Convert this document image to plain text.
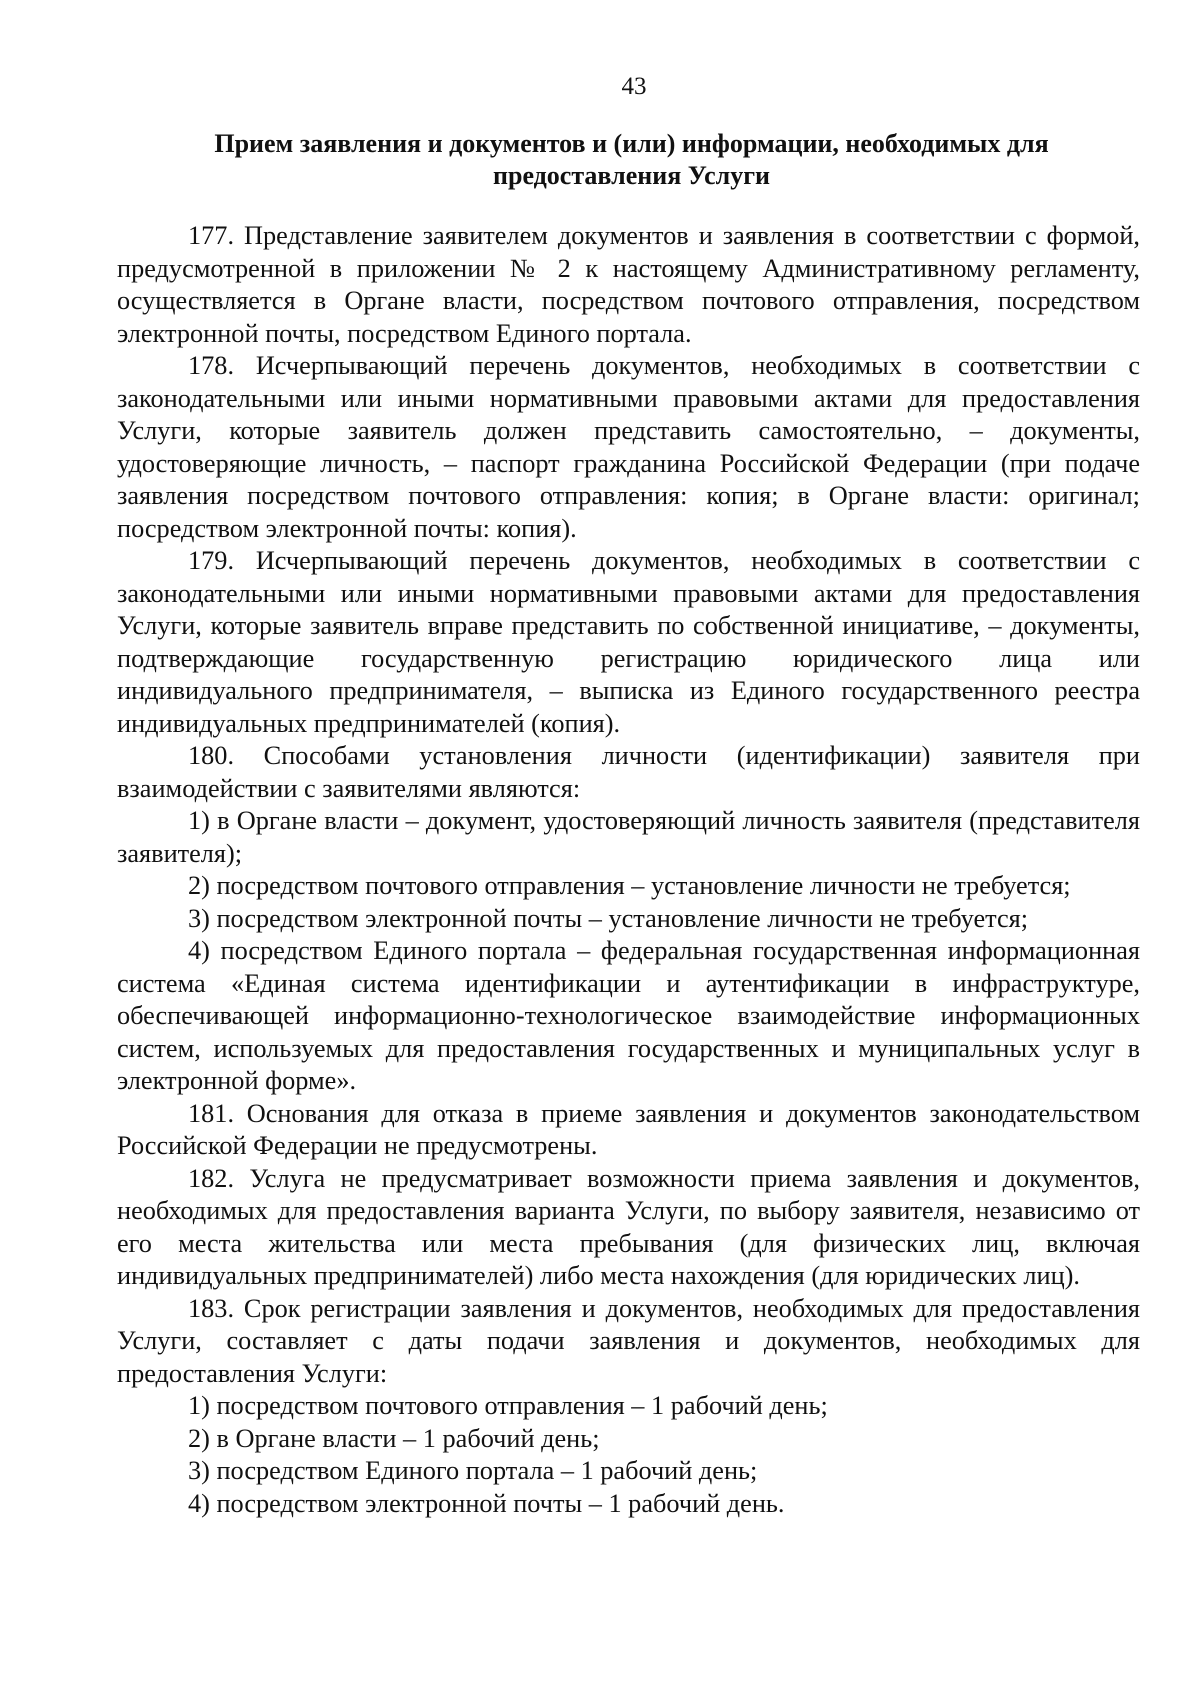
43
Прием заявления и документов и (или) информации, необходимых для предоставления Услуги

177. Представление заявителем документов и заявления в соответствии с формой, предусмотренной в приложении № 2 к настоящему Административному регламенту, осуществляется в Органе власти, посредством почтового отправления, посредством электронной почты, посредством Единого портала.

178. Исчерпывающий перечень документов, необходимых в соответствии с законодательными или иными нормативными правовыми актами для предоставления Услуги, которые заявитель должен представить самостоятельно, – документы, удостоверяющие личность, – паспорт гражданина Российской Федерации (при подаче заявления посредством почтового отправления: копия; в Органе власти: оригинал; посредством электронной почты: копия).

179. Исчерпывающий перечень документов, необходимых в соответствии с законодательными или иными нормативными правовыми актами для предоставления Услуги, которые заявитель вправе представить по собственной инициативе, – документы, подтверждающие государственную регистрацию юридического лица или индивидуального предпринимателя, – выписка из Единого государственного реестра индивидуальных предпринимателей (копия).

180. Способами установления личности (идентификации) заявителя при взаимодействии с заявителями являются:

1) в Органе власти – документ, удостоверяющий личность заявителя (представителя заявителя);

2) посредством почтового отправления – установление личности не требуется;

3) посредством электронной почты – установление личности не требуется;

4) посредством Единого портала – федеральная государственная информационная система «Единая система идентификации и аутентификации в инфраструктуре, обеспечивающей информационно-технологическое взаимодействие информационных систем, используемых для предоставления государственных и муниципальных услуг в электронной форме».

181. Основания для отказа в приеме заявления и документов законодательством Российской Федерации не предусмотрены.

182. Услуга не предусматривает возможности приема заявления и документов, необходимых для предоставления варианта Услуги, по выбору заявителя, независимо от его места жительства или места пребывания (для физических лиц, включая индивидуальных предпринимателей) либо места нахождения (для юридических лиц).

183. Срок регистрации заявления и документов, необходимых для предоставления Услуги, составляет с даты подачи заявления и документов, необходимых для предоставления Услуги:

1) посредством почтового отправления – 1 рабочий день;

2) в Органе власти – 1 рабочий день;

3) посредством Единого портала – 1 рабочий день;

4) посредством электронной почты – 1 рабочий день.
